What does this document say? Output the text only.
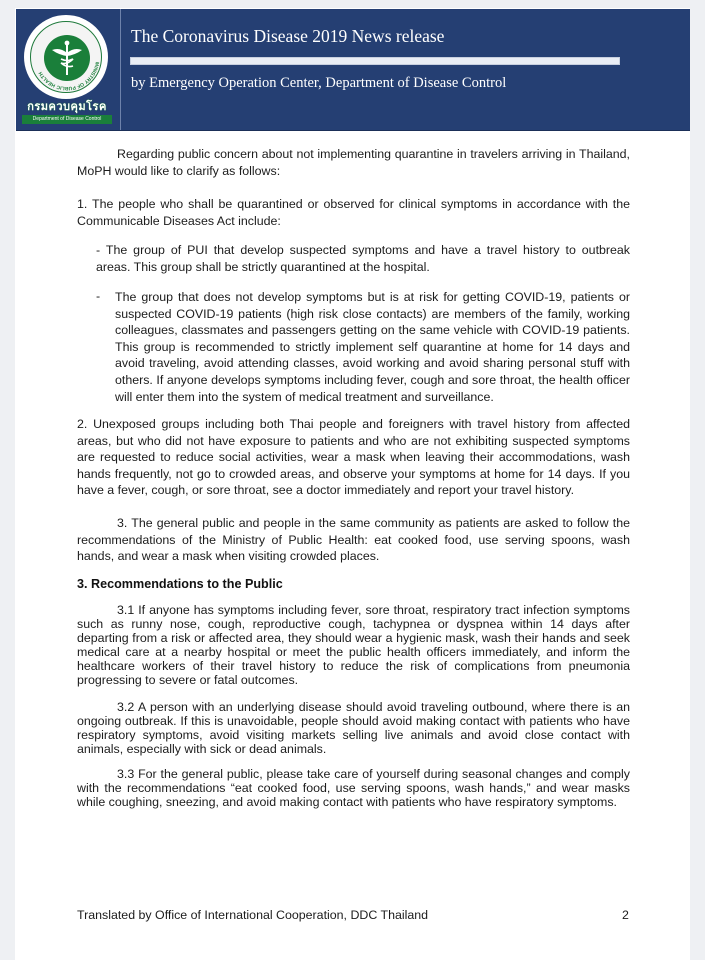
MINISTRY OF PUBLIC HEALTH
กรมควบคุมโรค
Department of Disease Control
The Coronavirus Disease 2019 News release
by Emergency Operation Center, Department of Disease Control
Regarding public concern about not implementing quarantine in travelers arriving in Thailand, MoPH would like to clarify as follows:
1. The people who shall be quarantined or observed for clinical symptoms in accordance with the Communicable Diseases Act include:
- The group of PUI that develop suspected symptoms and have a travel history to outbreak areas. This group shall be strictly quarantined at the hospital.
- The group that does not develop symptoms but is at risk for getting COVID-19, patients or suspected COVID-19 patients (high risk close contacts) are members of the family, working colleagues, classmates and passengers getting on the same vehicle with COVID-19 patients. This group is recommended to strictly implement self quarantine at home for 14 days and avoid traveling, avoid attending classes, avoid working and avoid sharing personal stuff with others. If anyone develops symptoms including fever, cough and sore throat, the health officer will enter them into the system of medical treatment and surveillance.
2. Unexposed groups including both Thai people and foreigners with travel history from affected areas, but who did not have exposure to patients and who are not exhibiting suspected symptoms are requested to reduce social activities, wear a mask when leaving their accommodations, wash hands frequently, not go to crowded areas, and observe your symptoms at home for 14 days. If you have a fever, cough, or sore throat, see a doctor immediately and report your travel history.
3. The general public and people in the same community as patients are asked to follow the recommendations of the Ministry of Public Health: eat cooked food, use serving spoons, wash hands, and wear a mask when visiting crowded places.
3. Recommendations to the Public
3.1 If anyone has symptoms including fever, sore throat, respiratory tract infection symptoms such as runny nose, cough, reproductive cough, tachypnea or dyspnea within 14 days after departing from a risk or affected area, they should wear a hygienic mask, wash their hands and seek medical care at a nearby hospital or meet the public health officers immediately, and inform the healthcare workers of their travel history to reduce the risk of complications from pneumonia progressing to severe or fatal outcomes.
3.2 A person with an underlying disease should avoid traveling outbound, where there is an ongoing outbreak. If this is unavoidable, people should avoid making contact with patients who have respiratory symptoms, avoid visiting markets selling live animals and avoid close contact with animals, especially with sick or dead animals.
3.3 For the general public, please take care of yourself during seasonal changes and comply with the recommendations “eat cooked food, use serving spoons, wash hands,” and wear masks while coughing, sneezing, and avoid making contact with patients who have respiratory symptoms.
Translated by Office of International Cooperation, DDC Thailand	2
